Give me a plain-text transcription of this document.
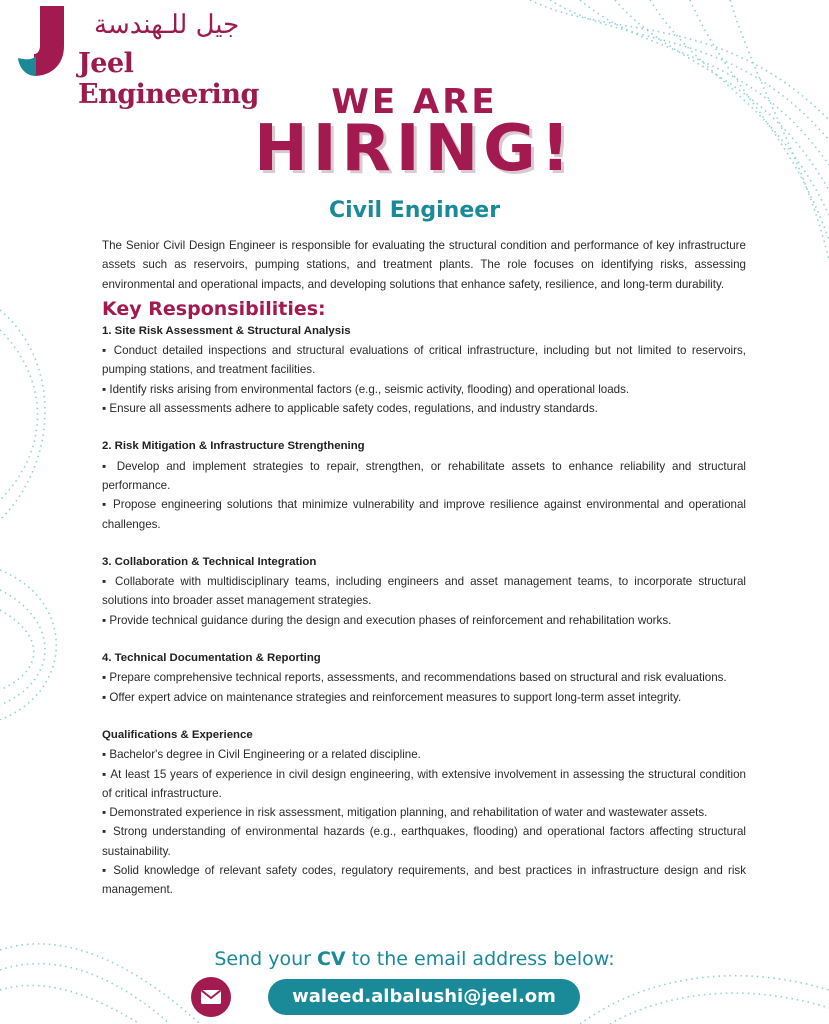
جيل للـهندسة
Jeel Engineering	WE ARE
HIRING!
Civil Engineer

The Senior Civil Design Engineer is responsible for evaluating the structural condition and performance of key infrastructure assets such as reservoirs, pumping stations, and treatment plants. The role focuses on identifying risks, assessing environmental and operational impacts, and developing solutions that enhance safety, resilience, and long-term durability.

Key Responsibilities:

1. Site Risk Assessment & Structural Analysis

▪ Conduct detailed inspections and structural evaluations of critical infrastructure, including but not limited to reservoirs, pumping stations, and treatment facilities.

▪ Identify risks arising from environmental factors (e.g., seismic activity, flooding) and operational loads.

▪ Ensure all assessments adhere to applicable safety codes, regulations, and industry standards.

2. Risk Mitigation & Infrastructure Strengthening

▪ Develop and implement strategies to repair, strengthen, or rehabilitate assets to enhance reliability and structural performance.

▪ Propose engineering solutions that minimize vulnerability and improve resilience against environmental and operational challenges.

3. Collaboration & Technical Integration

▪ Collaborate with multidisciplinary teams, including engineers and asset management teams, to incorporate structural solutions into broader asset management strategies.

▪ Provide technical guidance during the design and execution phases of reinforcement and rehabilitation works.

4. Technical Documentation & Reporting

▪ Prepare comprehensive technical reports, assessments, and recommendations based on structural and risk evaluations.

▪ Offer expert advice on maintenance strategies and reinforcement measures to support long-term asset integrity.

Qualifications & Experience

▪ Bachelor's degree in Civil Engineering or a related discipline.

▪ At least 15 years of experience in civil design engineering, with extensive involvement in assessing the structural condition of critical infrastructure.

▪ Demonstrated experience in risk assessment, mitigation planning, and rehabilitation of water and wastewater assets.

▪ Strong understanding of environmental hazards (e.g., earthquakes, flooding) and operational factors affecting structural sustainability.

▪ Solid knowledge of relevant safety codes, regulatory requirements, and best practices in infrastructure design and risk management.

Send your CV to the email address below:
waleed.albalushi@jeel.om
